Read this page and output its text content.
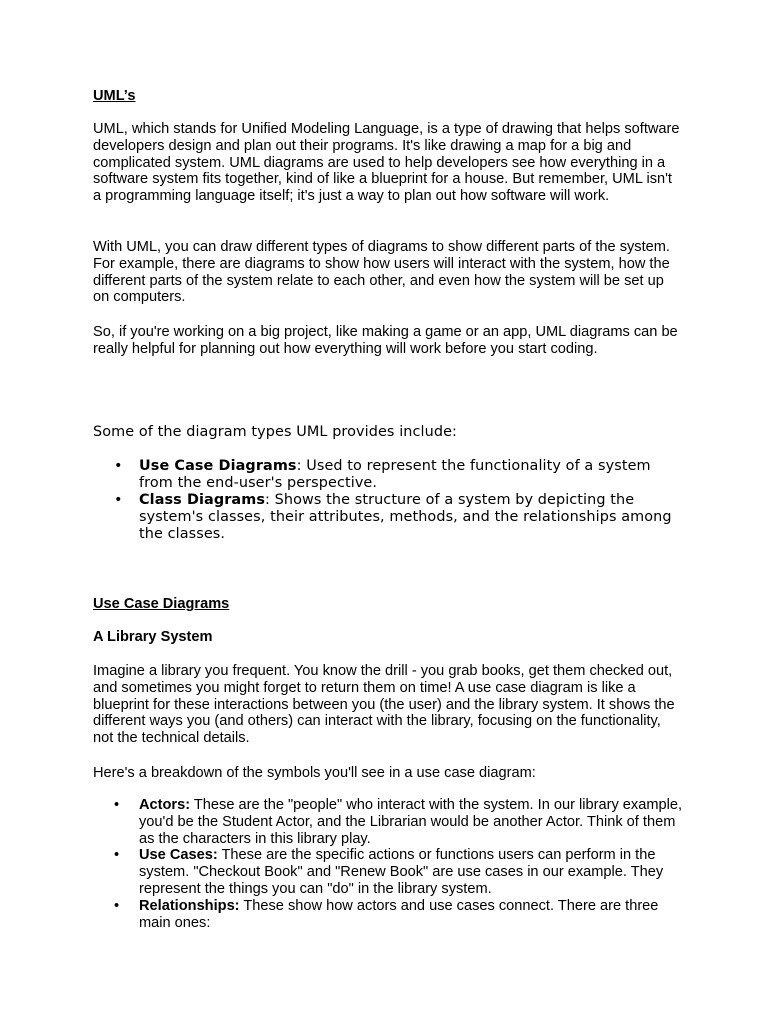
UML’s

UML, which stands for Unified Modeling Language, is a type of drawing that helps software developers design and plan out their programs. It's like drawing a map for a big and complicated system. UML diagrams are used to help developers see how everything in a software system fits together, kind of like a blueprint for a house. But remember, UML isn't a programming language itself; it's just a way to plan out how software will work.

With UML, you can draw different types of diagrams to show different parts of the system. For example, there are diagrams to show how users will interact with the system, how the different parts of the system relate to each other, and even how the system will be set up on computers.

So, if you're working on a big project, like making a game or an app, UML diagrams can be really helpful for planning out how everything will work before you start coding.

Some of the diagram types UML provides include:

• Use Case Diagrams: Used to represent the functionality of a system from the end-user's perspective.
• Class Diagrams: Shows the structure of a system by depicting the system's classes, their attributes, methods, and the relationships among the classes.

Use Case Diagrams

A Library System

Imagine a library you frequent. You know the drill - you grab books, get them checked out, and sometimes you might forget to return them on time! A use case diagram is like a blueprint for these interactions between you (the user) and the library system. It shows the different ways you (and others) can interact with the library, focusing on the functionality, not the technical details.

Here's a breakdown of the symbols you'll see in a use case diagram:

• Actors: These are the "people" who interact with the system. In our library example, you'd be the Student Actor, and the Librarian would be another Actor. Think of them as the characters in this library play.
• Use Cases: These are the specific actions or functions users can perform in the system. "Checkout Book" and "Renew Book" are use cases in our example. They represent the things you can "do" in the library system.
• Relationships: These show how actors and use cases connect. There are three main ones:
